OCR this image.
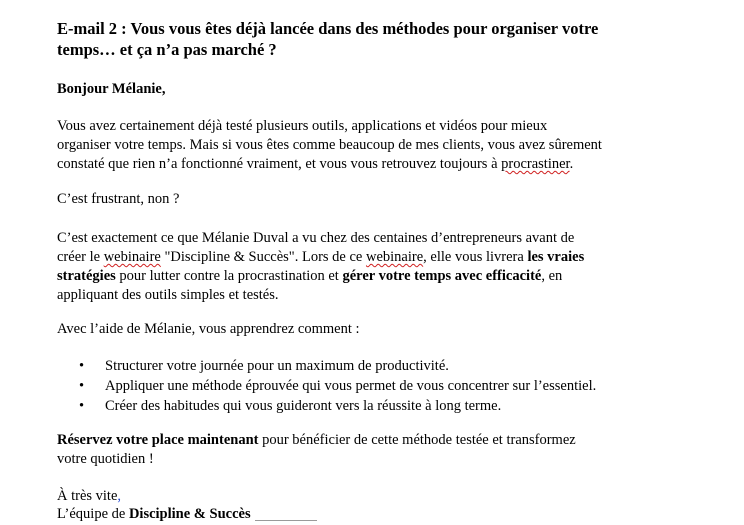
E-mail 2 : Vous vous êtes déjà lancée dans des méthodes pour organiser votre
temps… et ça n’a pas marché ?
Bonjour Mélanie,
Vous avez certainement déjà testé plusieurs outils, applications et vidéos pour mieux
organiser votre temps. Mais si vous êtes comme beaucoup de mes clients, vous avez sûrement
constaté que rien n’a fonctionné vraiment, et vous vous retrouvez toujours à procrastiner.
C’est frustrant, non ?
C’est exactement ce que Mélanie Duval a vu chez des centaines d’entrepreneurs avant de
créer le webinaire "Discipline & Succès". Lors de ce webinaire, elle vous livrera les vraies
stratégies pour lutter contre la procrastination et gérer votre temps avec efficacité, en
appliquant des outils simples et testés.
Avec l’aide de Mélanie, vous apprendrez comment :
• Structurer votre journée pour un maximum de productivité.
• Appliquer une méthode éprouvée qui vous permet de vous concentrer sur l’essentiel.
• Créer des habitudes qui vous guideront vers la réussite à long terme.
Réservez votre place maintenant pour bénéficier de cette méthode testée et transformez
votre quotidien !
À très vite,
L’équipe de Discipline & Succès
